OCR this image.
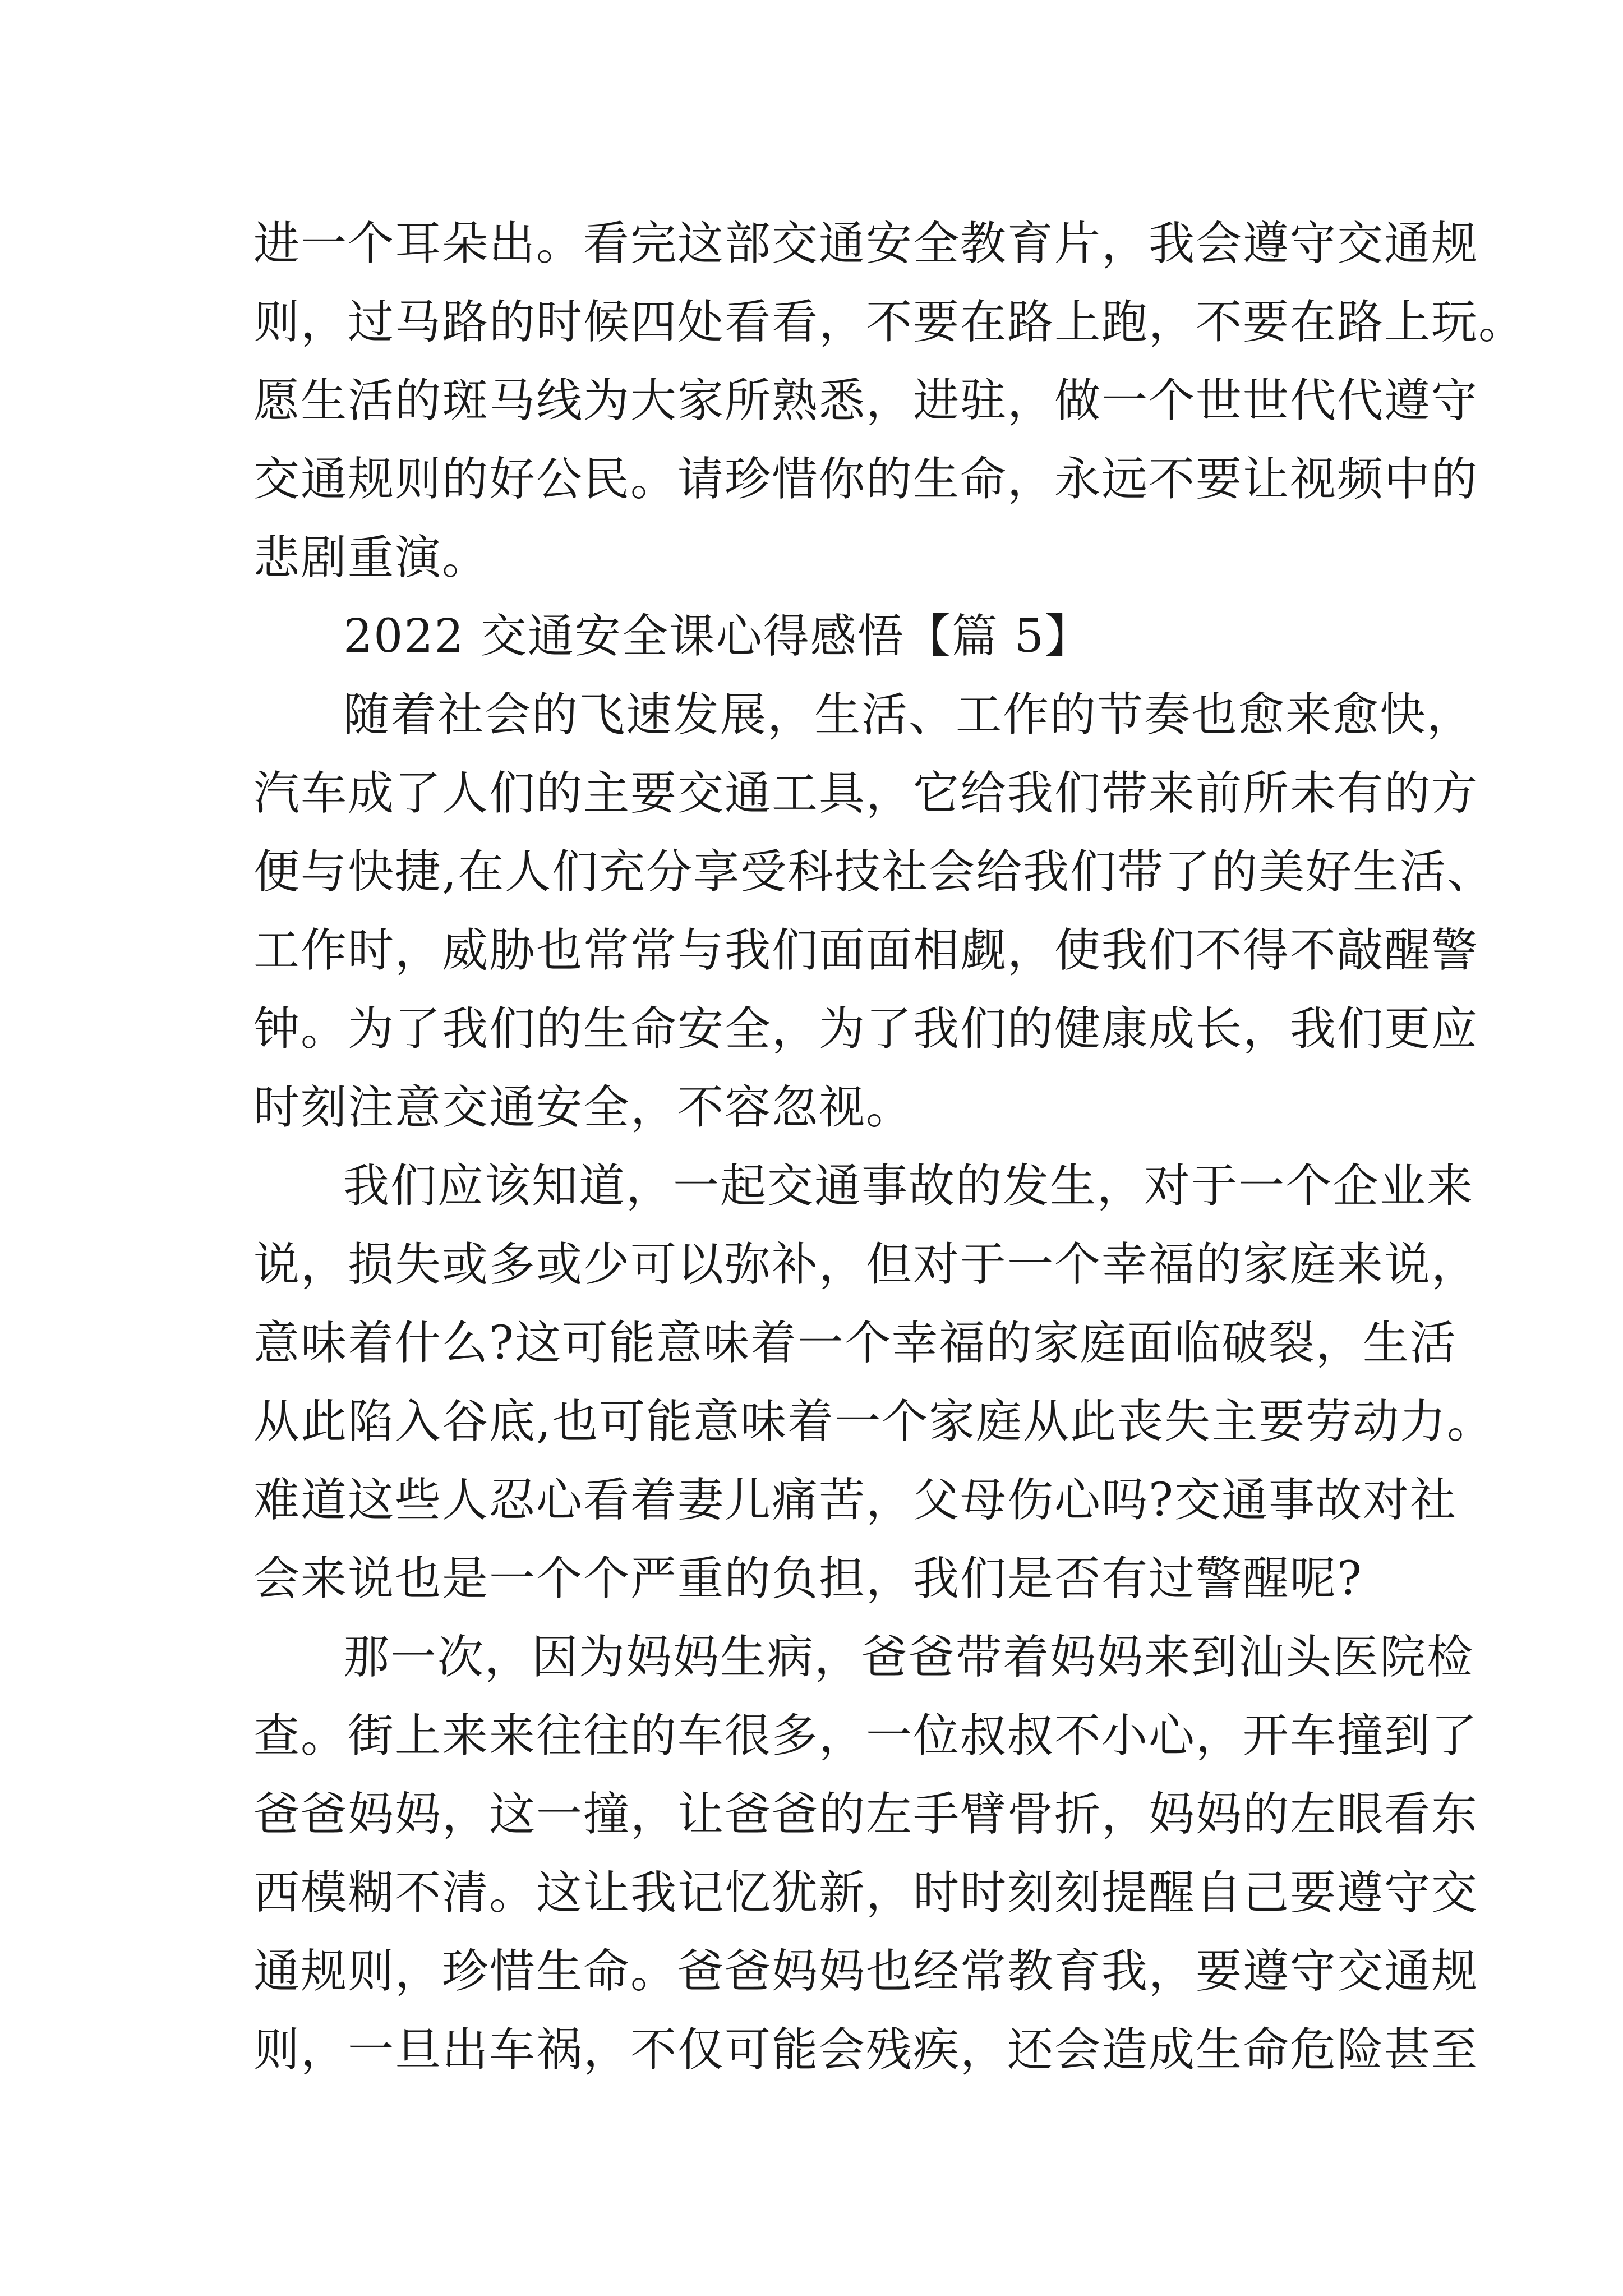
进一个耳朵出。看完这部交通安全教育片，我会遵守交通规
则，过马路的时候四处看看，不要在路上跑，不要在路上玩。
愿生活的斑马线为大家所熟悉，进驻，做一个世世代代遵守
交通规则的好公民。请珍惜你的生命，永远不要让视频中的
悲剧重演。
2022 交通安全课心得感悟【篇 5】
随着社会的飞速发展，生活、工作的节奏也愈来愈快，
汽车成了人们的主要交通工具，它给我们带来前所未有的方
便与快捷,在人们充分享受科技社会给我们带了的美好生活、
工作时，威胁也常常与我们面面相觑，使我们不得不敲醒警
钟。为了我们的生命安全，为了我们的健康成长，我们更应
时刻注意交通安全，不容忽视。
我们应该知道，一起交通事故的发生，对于一个企业来
说，损失或多或少可以弥补，但对于一个幸福的家庭来说，
意味着什么?这可能意味着一个幸福的家庭面临破裂，生活
从此陷入谷底,也可能意味着一个家庭从此丧失主要劳动力。
难道这些人忍心看着妻儿痛苦，父母伤心吗?交通事故对社
会来说也是一个个严重的负担，我们是否有过警醒呢?
那一次，因为妈妈生病，爸爸带着妈妈来到汕头医院检
查。街上来来往往的车很多，一位叔叔不小心，开车撞到了
爸爸妈妈，这一撞，让爸爸的左手臂骨折，妈妈的左眼看东
西模糊不清。这让我记忆犹新，时时刻刻提醒自己要遵守交
通规则，珍惜生命。爸爸妈妈也经常教育我，要遵守交通规
则，一旦出车祸，不仅可能会残疾，还会造成生命危险甚至
